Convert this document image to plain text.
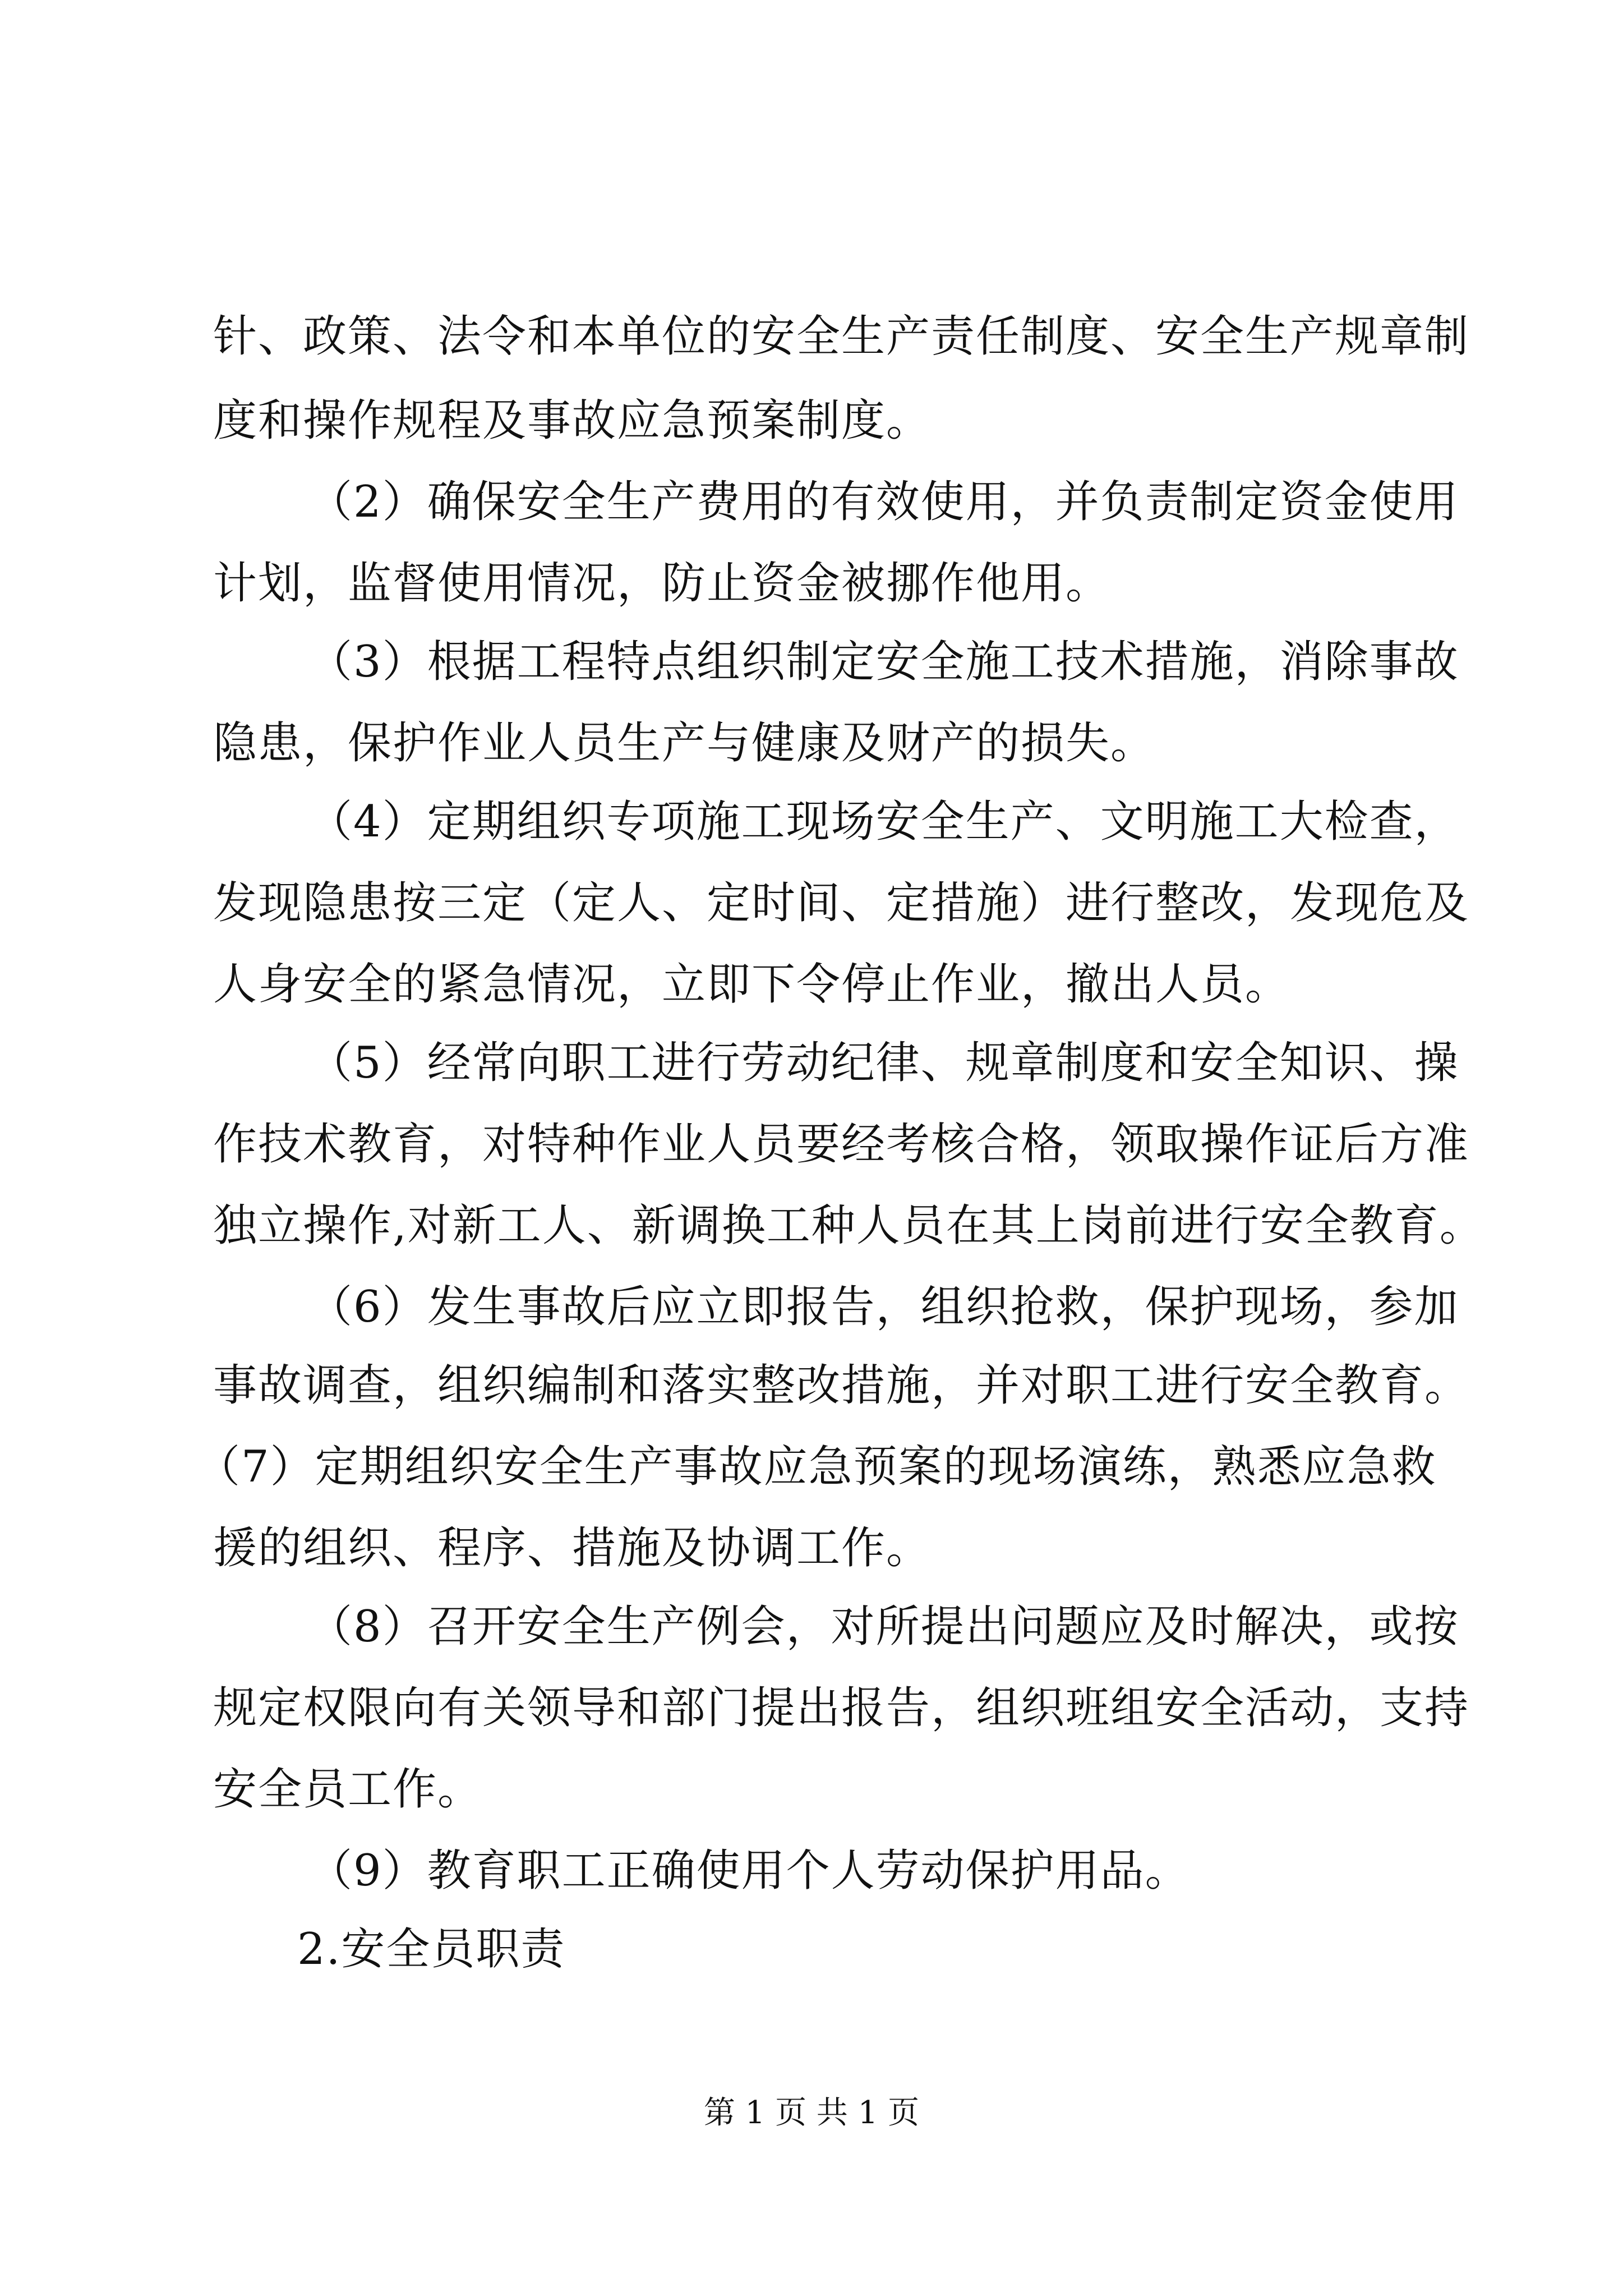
针、政策、法令和本单位的安全生产责任制度、安全生产规章制
度和操作规程及事故应急预案制度。
（2）确保安全生产费用的有效使用，并负责制定资金使用
计划，监督使用情况，防止资金被挪作他用。
（3）根据工程特点组织制定安全施工技术措施，消除事故
隐患，保护作业人员生产与健康及财产的损失。
（4）定期组织专项施工现场安全生产、文明施工大检查，
发现隐患按三定（定人、定时间、定措施）进行整改，发现危及
人身安全的紧急情况，立即下令停止作业，撤出人员。
（5）经常向职工进行劳动纪律、规章制度和安全知识、操
作技术教育，对特种作业人员要经考核合格，领取操作证后方准
独立操作,对新工人、新调换工种人员在其上岗前进行安全教育。
（6）发生事故后应立即报告，组织抢救，保护现场，参加
事故调查，组织编制和落实整改措施，并对职工进行安全教育。
（7）定期组织安全生产事故应急预案的现场演练，熟悉应急救
援的组织、程序、措施及协调工作。
（8）召开安全生产例会，对所提出问题应及时解决，或按
规定权限向有关领导和部门提出报告，组织班组安全活动，支持
安全员工作。
（9）教育职工正确使用个人劳动保护用品。
2.安全员职责
第 1 页 共 1 页
